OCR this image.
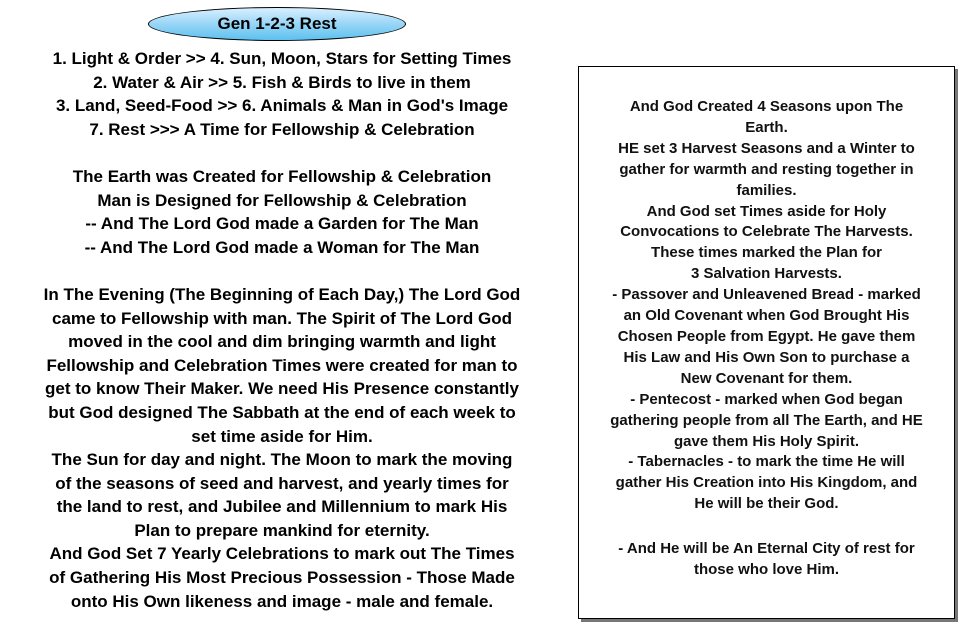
Gen 1-2-3 Rest
1. Light & Order >> 4. Sun, Moon, Stars for Setting Times
2. Water & Air >> 5. Fish & Birds to live in them
3. Land, Seed-Food >> 6. Animals & Man in God's Image
7. Rest >>> A Time for Fellowship & Celebration
The Earth was Created for Fellowship & Celebration
Man is Designed for Fellowship & Celebration
-- And The Lord God made a Garden for The Man
-- And The Lord God made a Woman for The Man
In The Evening (The Beginning of Each Day,) The Lord God
came to Fellowship with man. The Spirit of The Lord God
moved in the cool and dim bringing warmth and light
Fellowship and Celebration Times were created for man to
get to know Their Maker. We need His Presence constantly
but God designed The Sabbath at the end of each week to
set time aside for Him.
The Sun for day and night. The Moon to mark the moving
of the seasons of seed and harvest, and yearly times for
the land to rest, and Jubilee and Millennium to mark His
Plan to prepare mankind for eternity.
And God Set 7 Yearly Celebrations to mark out The Times
of Gathering His Most Precious Possession - Those Made
onto His Own likeness and image - male and female.
And God Created 4 Seasons upon The
Earth.
HE set 3 Harvest Seasons and a Winter to
gather for warmth and resting together in
families.
And God set Times aside for Holy
Convocations to Celebrate The Harvests.
These times marked the Plan for
3 Salvation Harvests.
- Passover and Unleavened Bread - marked
an Old Covenant when God Brought His
Chosen People from Egypt. He gave them
His Law and His Own Son to purchase a
New Covenant for them.
- Pentecost - marked when God began
gathering people from all The Earth, and HE
gave them His Holy Spirit.
- Tabernacles - to mark the time He will
gather His Creation into His Kingdom, and
He will be their God.
- And He will be An Eternal City of rest for
those who love Him.
